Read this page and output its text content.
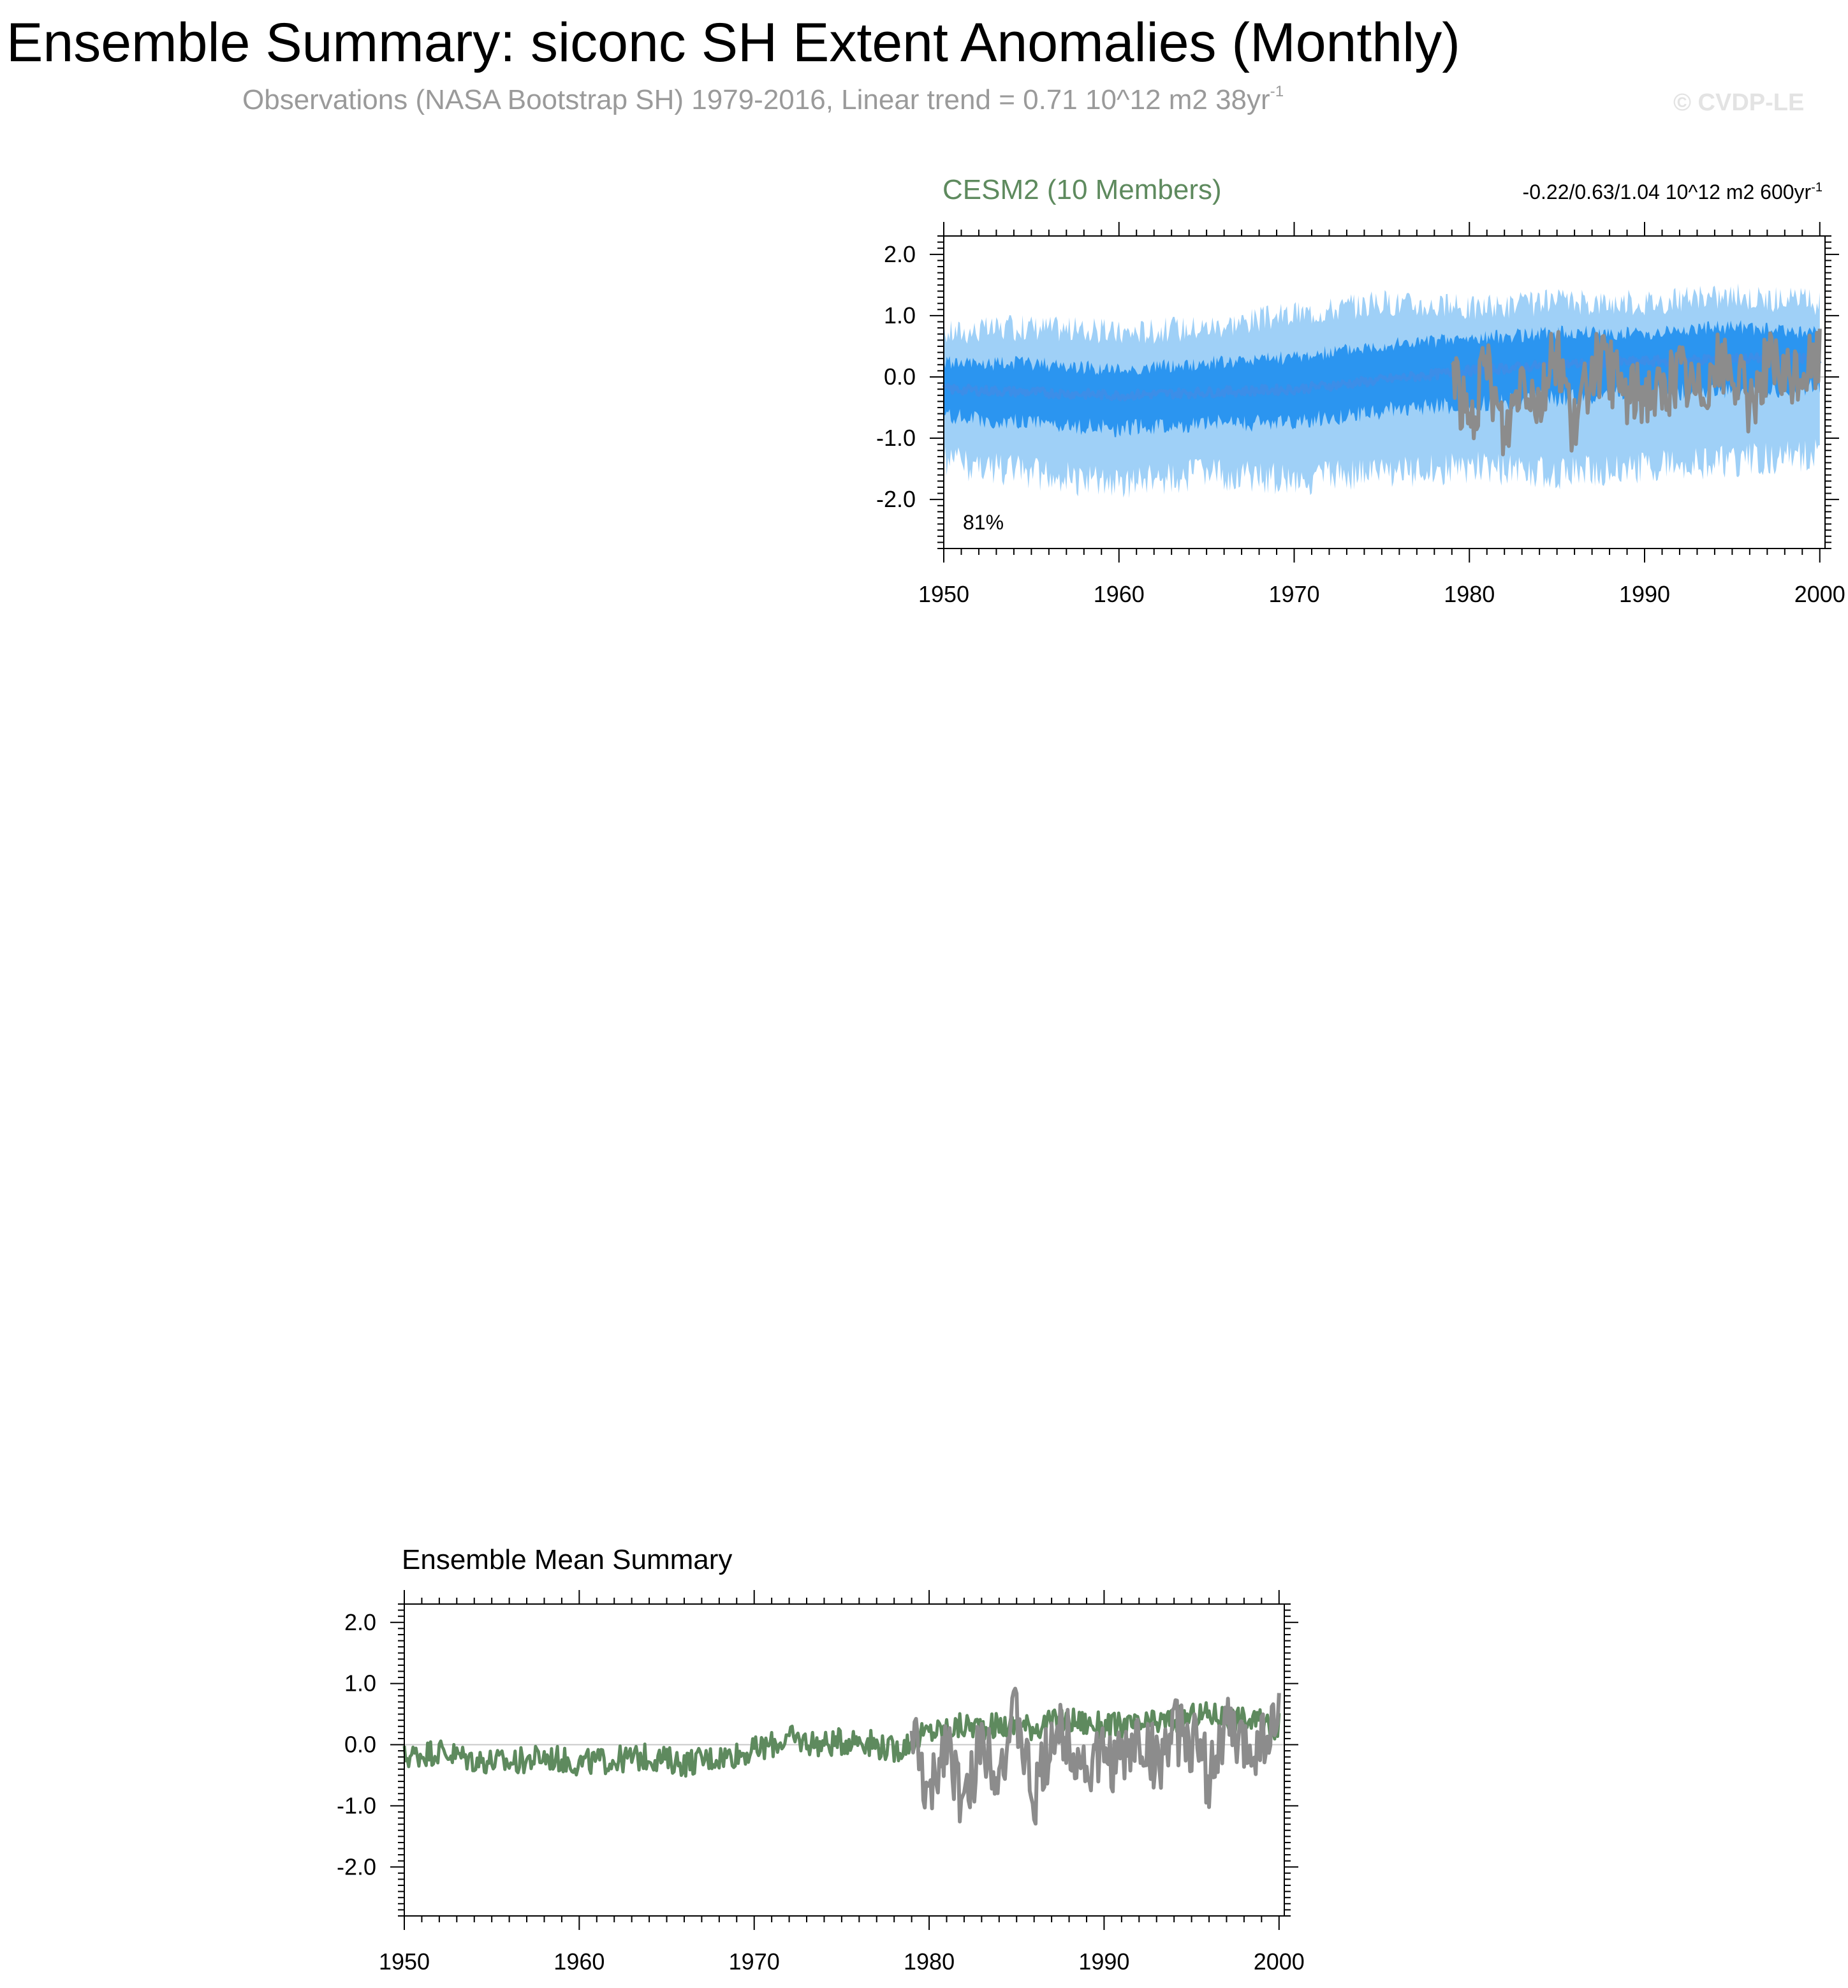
Ensemble Summary: siconc SH Extent Anomalies (Monthly)
Observations (NASA Bootstrap SH) 1979-2016, Linear trend = 0.71 10^12 m2 $38yr^{-1}$	© CVDP-LE
CESM2 (10 Members)	-0.22/0.63/1.04 10^12 m2 $600yr^{-1}$
1950	1960	1970	1980	1990	2000
2.0
1.0
0.0
-1.0
-2.0
81%
Ensemble Mean Summary
1950	1960	1970	1980	1990	2000
2.0
1.0
0.0
-1.0
-2.0
